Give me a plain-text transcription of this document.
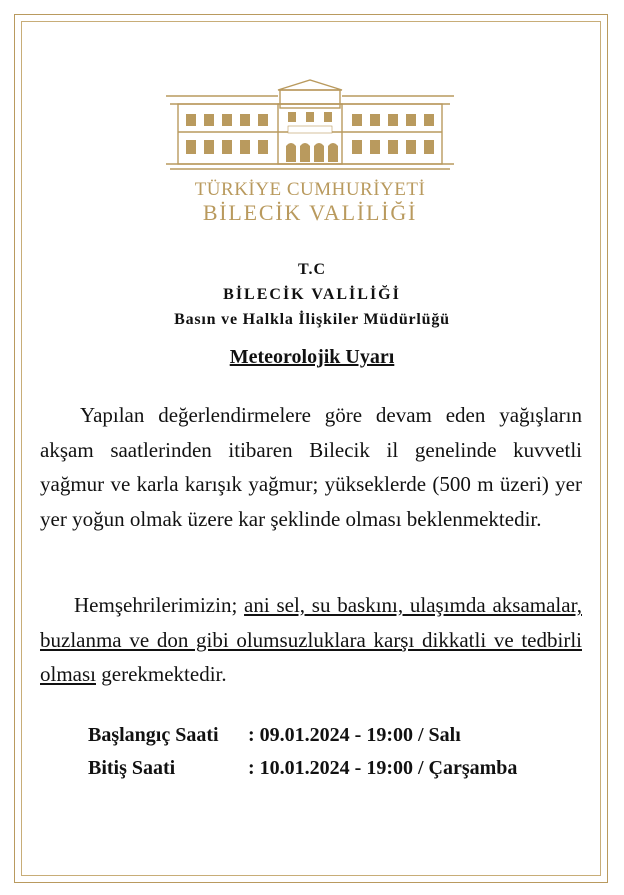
TÜRKİYE CUMHURİYETİ
BİLECİK VALİLİĞİ
T.C
BİLECİK VALİLİĞİ
Basın ve Halkla İlişkiler Müdürlüğü
Meteorolojik Uyarı
Yapılan değerlendirmelere göre devam eden yağışların akşam saatlerinden itibaren Bilecik il genelinde kuvvetli yağmur ve karla karışık yağmur; yükseklerde (500 m üzeri) yer yer yoğun olmak üzere kar şeklinde olması beklenmektedir.
Hemşehrilerimizin; ani sel, su baskını, ulaşımda aksamalar, buzlanma ve don gibi olumsuzluklara karşı dikkatli ve tedbirli olması gerekmektedir.
Başlangıç Saati : 09.01.2024 - 19:00 / Salı
Bitiş Saati	: 10.01.2024 - 19:00 / Çarşamba
